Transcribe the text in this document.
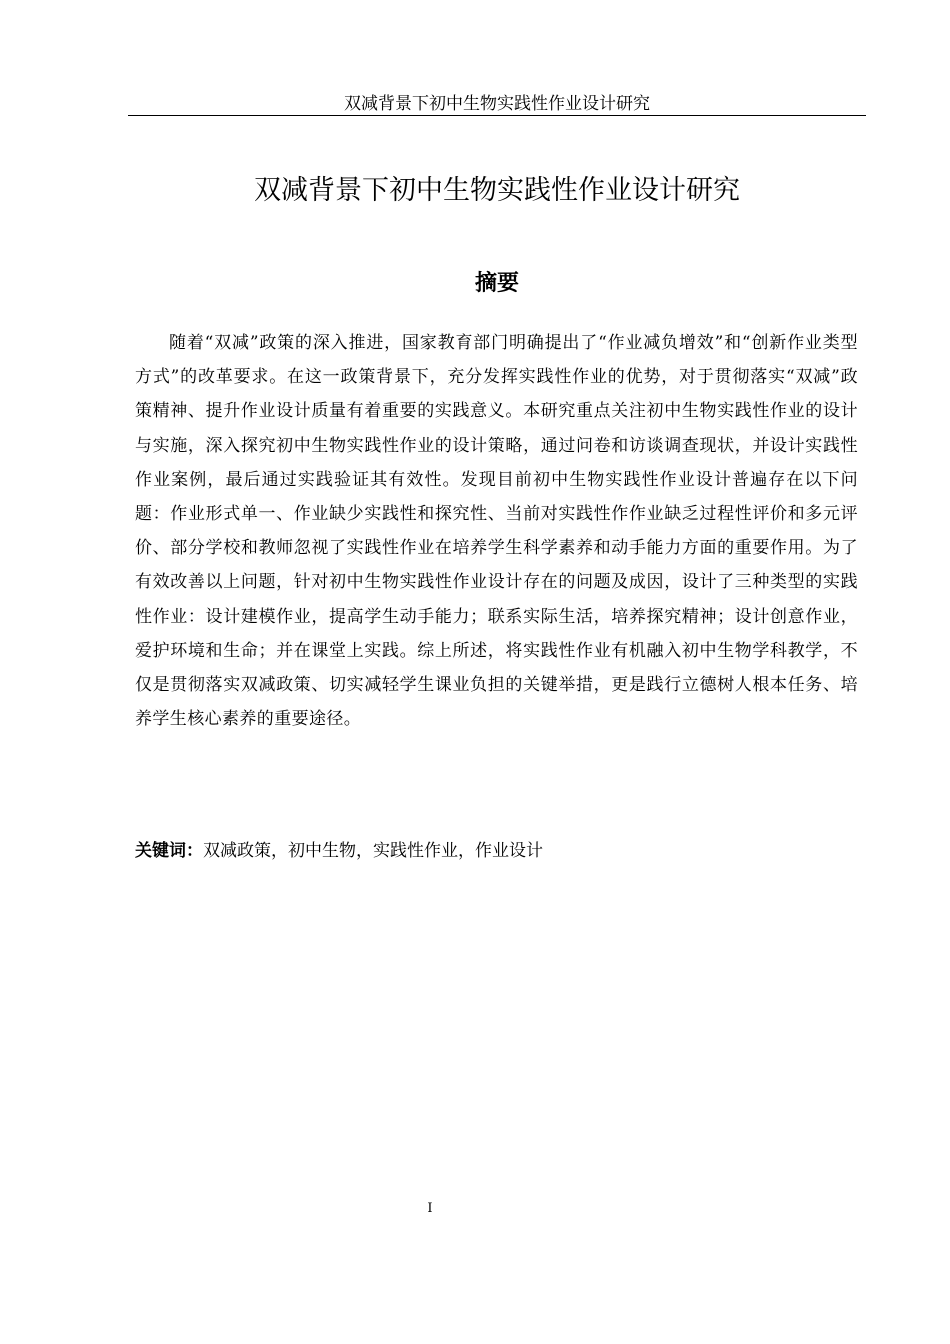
双减背景下初中生物实践性作业设计研究
双减背景下初中生物实践性作业设计研究
摘要

随着“双减”政策的深入推进，国家教育部门明确提出了“作业减负增效”和“创新作业类型方式”的改革要求。在这一政策背景下，充分发挥实践性作业的优势，对于贯彻落实“双减”政策精神、提升作业设计质量有着重要的实践意义。本研究重点关注初中生物实践性作业的设计与实施，深入探究初中生物实践性作业的设计策略，通过问卷和访谈调查现状，并设计实践性作业案例，最后通过实践验证其有效性。发现目前初中生物实践性作业设计普遍存在以下问题：作业形式单一、作业缺少实践性和探究性、当前对实践性作作业缺乏过程性评价和多元评价、部分学校和教师忽视了实践性作业在培养学生科学素养和动手能力方面的重要作用。为了有效改善以上问题，针对初中生物实践性作业设计存在的问题及成因，设计了三种类型的实践性作业：设计建模作业，提高学生动手能力；联系实际生活，培养探究精神；设计创意作业，爱护环境和生命；并在课堂上实践。综上所述，将实践性作业有机融入初中生物学科教学，不仅是贯彻落实双减政策、切实减轻学生课业负担的关键举措，更是践行立德树人根本任务、培养学生核心素养的重要途径。

关键词：双减政策，初中生物，实践性作业，作业设计

I
